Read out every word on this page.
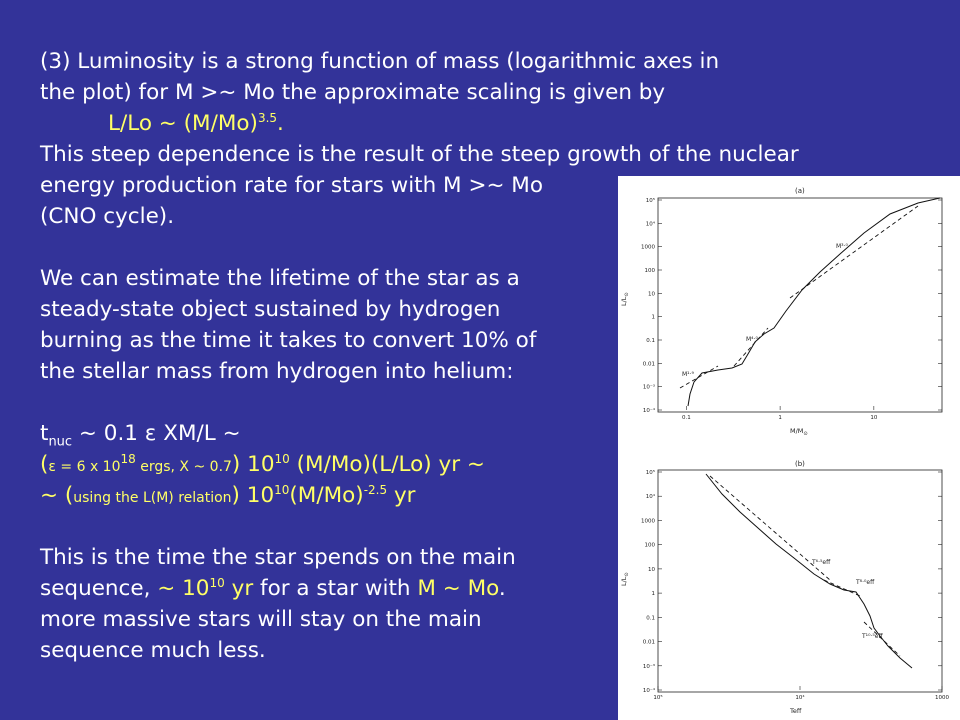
(3) Luminosity is a strong function of mass (logarithmic axes in
the plot) for M >~ Mo the approximate scaling is given by
L/Lo ~ $(M/Mo)^{3.5}$.
This steep dependence is the result of the steep growth of the nuclear
energy production rate for stars with M >~ Mo
(CNO cycle).
We can estimate the lifetime of the star as a
steady-state object sustained by hydrogen
burning as the time it takes to convert 10% of
the stellar mass from hydrogen into helium:
$t_{nuc}$ ~ 0.1 ε XM/L ~
(ε = 6 x $10^{18}$ ergs, X ~ 0.7) $10^{10}$ (M/Mo)(L/Lo) yr ~
~ (using the L(M) relation) $10^{10}(M/Mo)^{-2.5}$ yr
This is the time the star spends on the main
sequence, ~ $10^{10}$ yr for a star with M ~ Mo.
more massive stars will stay on the main
sequence much less.
(a)
10⁵
10⁴
1000
100
10
1
0.1
0.01
10⁻³
10⁻⁴
0.1	1	10
$L/L_⊙$
$M/M_⊙$
M³·⁰
M⁴·⁰
M¹·⁹
(b)
10⁵
10⁴
1000
100
10
1
0.1
0.01
10⁻³
10⁻⁴
10⁵	10⁴	1000
$L/L_⊙$
Teff
T⁶·⁵eff
T⁸·⁰eff
T¹⁰·⁵eff
